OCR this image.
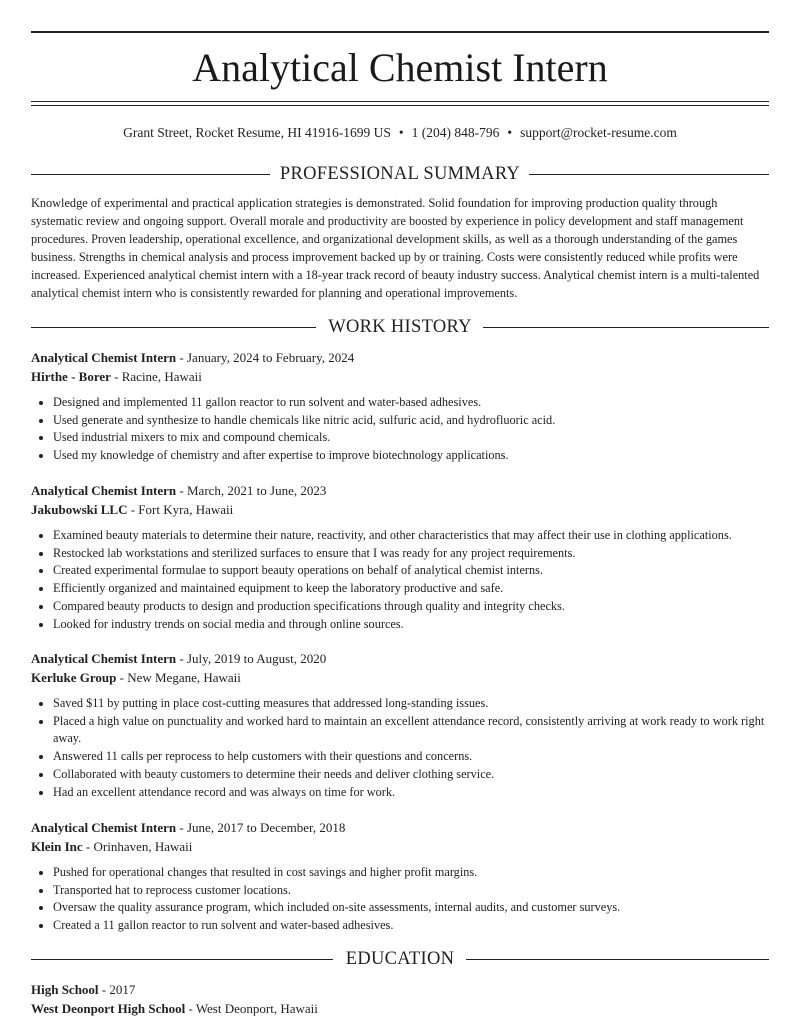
Analytical Chemist Intern
Grant Street, Rocket Resume, HI 41916-1699 US • 1 (204) 848-796 • support@rocket-resume.com
PROFESSIONAL SUMMARY
Knowledge of experimental and practical application strategies is demonstrated. Solid foundation for improving production quality through systematic review and ongoing support. Overall morale and productivity are boosted by experience in policy development and staff management procedures. Proven leadership, operational excellence, and organizational development skills, as well as a thorough understanding of the games business. Strengths in chemical analysis and process improvement backed up by or training. Costs were consistently reduced while profits were increased. Experienced analytical chemist intern with a 18-year track record of beauty industry success. Analytical chemist intern is a multi-talented analytical chemist intern who is consistently rewarded for planning and operational improvements.
WORK HISTORY
Analytical Chemist Intern - January, 2024 to February, 2024
Hirthe - Borer - Racine, Hawaii
• Designed and implemented 11 gallon reactor to run solvent and water-based adhesives.
• Used generate and synthesize to handle chemicals like nitric acid, sulfuric acid, and hydrofluoric acid.
• Used industrial mixers to mix and compound chemicals.
• Used my knowledge of chemistry and after expertise to improve biotechnology applications.
Analytical Chemist Intern - March, 2021 to June, 2023
Jakubowski LLC - Fort Kyra, Hawaii
• Examined beauty materials to determine their nature, reactivity, and other characteristics that may affect their use in clothing applications.
• Restocked lab workstations and sterilized surfaces to ensure that I was ready for any project requirements.
• Created experimental formulae to support beauty operations on behalf of analytical chemist interns.
• Efficiently organized and maintained equipment to keep the laboratory productive and safe.
• Compared beauty products to design and production specifications through quality and integrity checks.
• Looked for industry trends on social media and through online sources.
Analytical Chemist Intern - July, 2019 to August, 2020
Kerluke Group - New Megane, Hawaii
• Saved $11 by putting in place cost-cutting measures that addressed long-standing issues.
• Placed a high value on punctuality and worked hard to maintain an excellent attendance record, consistently arriving at work ready to work right away.
• Answered 11 calls per reprocess to help customers with their questions and concerns.
• Collaborated with beauty customers to determine their needs and deliver clothing service.
• Had an excellent attendance record and was always on time for work.
Analytical Chemist Intern - June, 2017 to December, 2018
Klein Inc - Orinhaven, Hawaii
• Pushed for operational changes that resulted in cost savings and higher profit margins.
• Transported hat to reprocess customer locations.
• Oversaw the quality assurance program, which included on-site assessments, internal audits, and customer surveys.
• Created a 11 gallon reactor to run solvent and water-based adhesives.
EDUCATION
High School - 2017
West Deonport High School - West Deonport, Hawaii
